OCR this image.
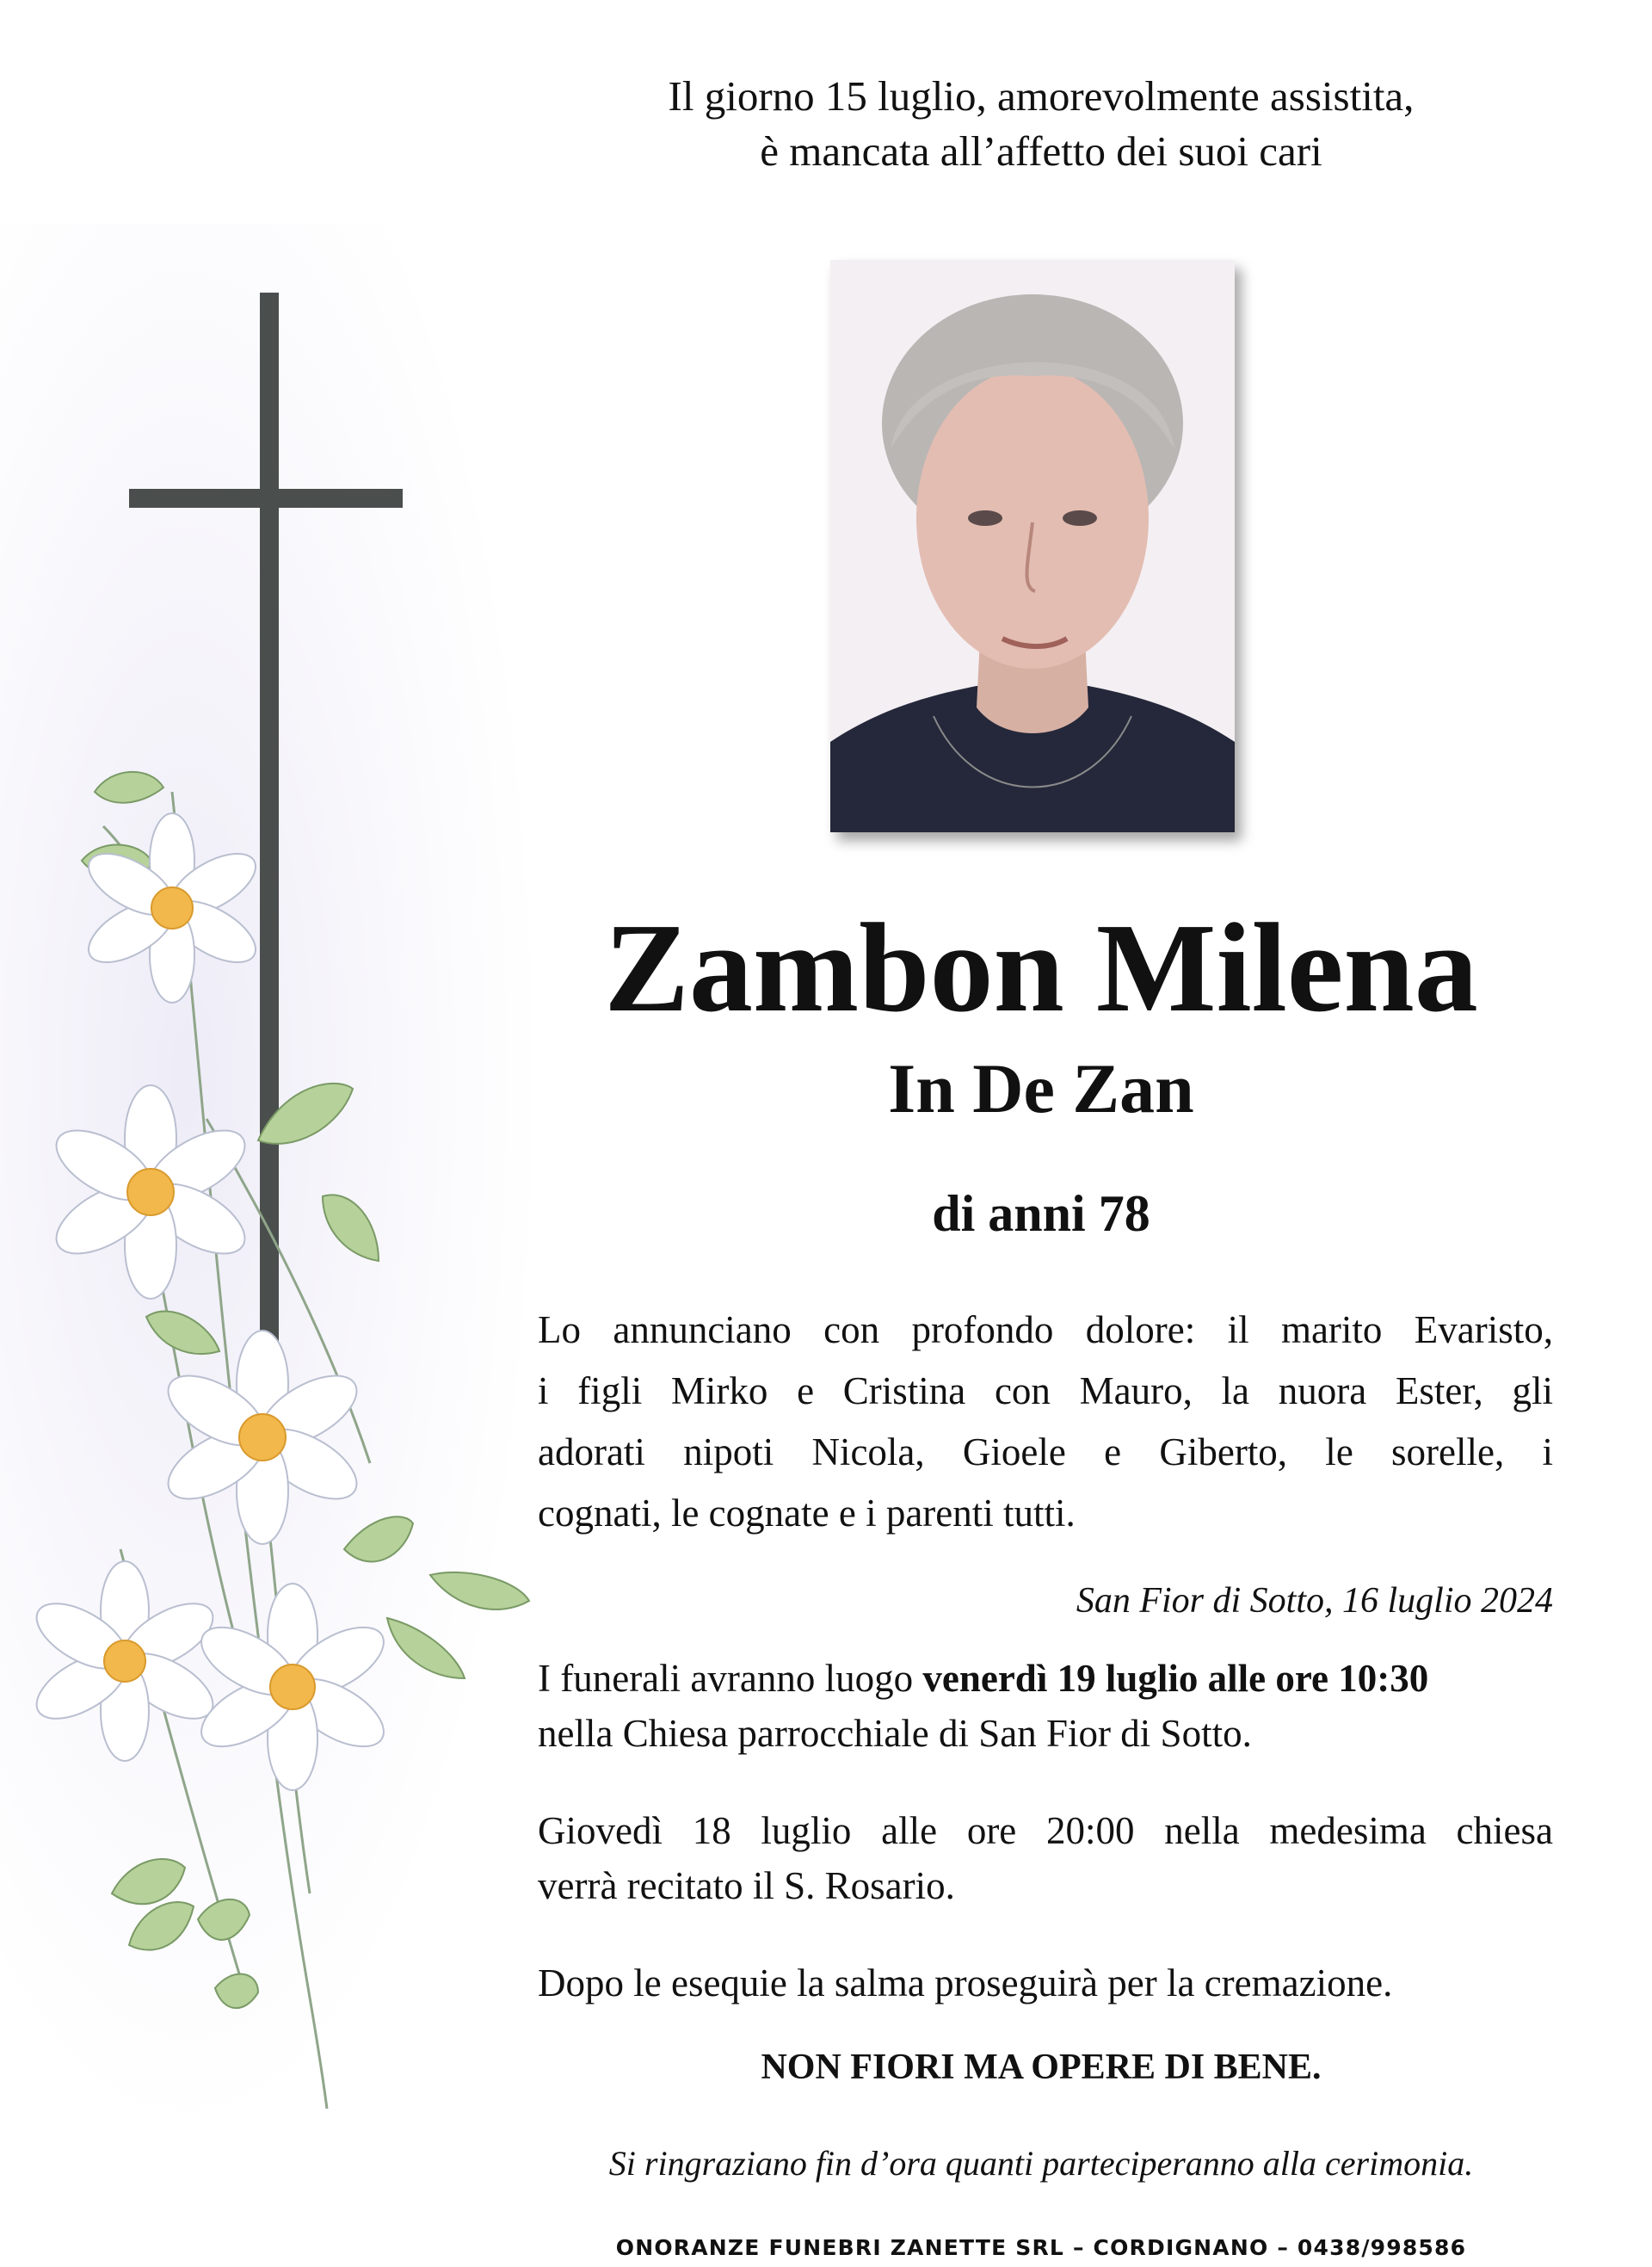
Il giorno 15 luglio, amorevolmente assistita,
è mancata all’affetto dei suoi cari
Zambon Milena
In De Zan
di anni 78
Lo annunciano con profondo dolore: il marito Evaristo,
i figli Mirko e Cristina con Mauro, la nuora Ester, gli
adorati nipoti Nicola, Gioele e Giberto, le sorelle, i
cognati, le cognate e i parenti tutti.
San Fior di Sotto, 16 luglio 2024
I funerali avranno luogo venerdì 19 luglio alle ore 10:30
nella Chiesa parrocchiale di San Fior di Sotto.
Giovedì 18 luglio alle ore 20:00 nella medesima chiesa
verrà recitato il S. Rosario.
Dopo le esequie la salma proseguirà per la cremazione.
NON FIORI MA OPERE DI BENE.
Si ringraziano fin d’ora quanti parteciperanno alla cerimonia.
ONORANZE FUNEBRI ZANETTE SRL – CORDIGNANO – 0438/998586
